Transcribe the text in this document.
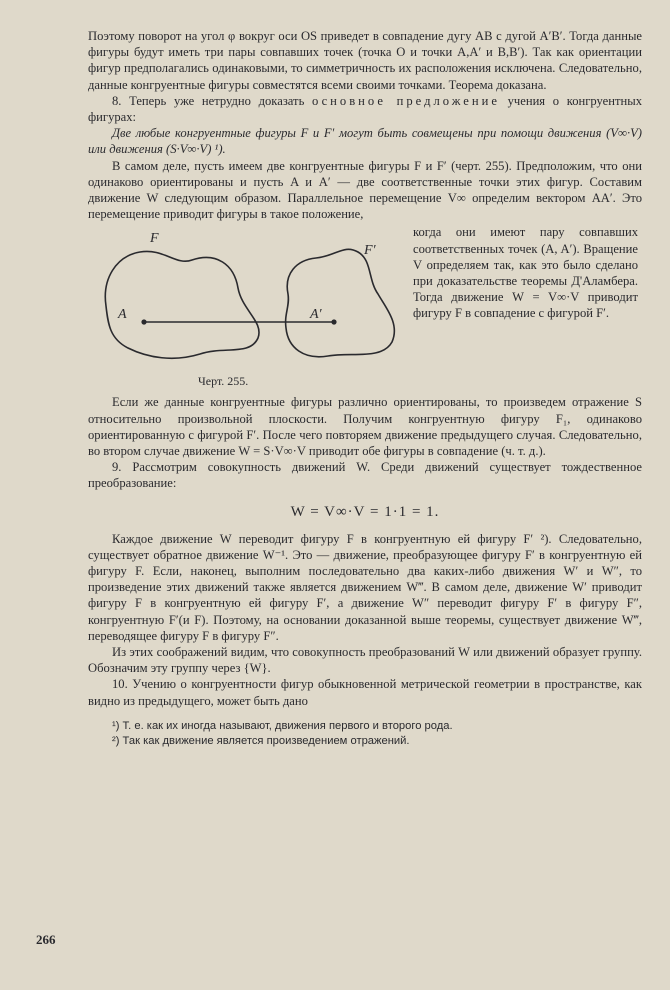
Поэтому поворот на угол φ вокруг оси OS приведет в совпадение дугу AB с дугой A′B′. Тогда данные фигуры будут иметь три пары совпавших точек (точка O и точки A,A′ и B,B′). Так как ориентации фигур предполагались одинаковыми, то симметричность их расположения исключена. Следовательно, данные конгруентные фигуры совместятся всеми своими точками. Теорема доказана.

8. Теперь уже нетрудно доказать основное предложение учения о конгруентных фигурах:

Две любые конгруентные фигуры F и F′ могут быть совмещены при помощи движения (V∞·V) или движения (S·V∞·V) ¹).

В самом деле, пусть имеем две конгруентные фигуры F и F′ (черт. 255). Предположим, что они одинаково ориентированы и пусть A и A′ — две соответственные точки этих фигур. Составим движение W следующим образом. Параллельное перемещение V∞ определим вектором AA′. Это перемещение приводит фигуры в такое положение,

F
F′
A	A′
Черт. 255.
когда они имеют пару совпавших соответственных точек (A, A′). Вращение V определяем так, как это было сделано при доказательстве теоремы Д'Аламбера. Тогда движение W = V∞·V приводит фигуру F в совпадение с фигурой F′.

Если же данные конгруентные фигуры различно ориентированы, то произведем отражение S относительно произвольной плоскости. Получим конгруентную фигуру F₁, одинаково ориентированную с фигурой F′. После чего повторяем движение предыдущего случая. Следовательно, во втором случае движение W = S·V∞·V приводит обе фигуры в совпадение (ч. т. д.).

9. Рассмотрим совокупность движений W. Среди движений существует тождественное преобразование:

W = V∞·V = 1·1 = 1.

Каждое движение W переводит фигуру F в конгруентную ей фигуру F′ ²). Следовательно, существует обратное движение W⁻¹. Это — движение, преобразующее фигуру F′ в конгруентную ей фигуру F. Если, наконец, выполним последовательно два каких-либо движения W′ и W″, то произведение этих движений также является движением W‴. В самом деле, движение W′ приводит фигуру F в конгруентную ей фигуру F′, а движение W″ переводит фигуру F′ в фигуру F″, конгруентную F′(и F). Поэтому, на основании доказанной выше теоремы, существует движение W‴, переводящее фигуру F в фигуру F″.

Из этих соображений видим, что совокупность преобразований W или движений образует группу. Обозначим эту группу через {W}.

10. Учению о конгруентности фигур обыкновенной метрической геометрии в пространстве, как видно из предыдущего, может быть дано

¹) Т. е. как их иногда называют, движения первого и второго рода.

²) Так как движение является произведением отражений.

266
